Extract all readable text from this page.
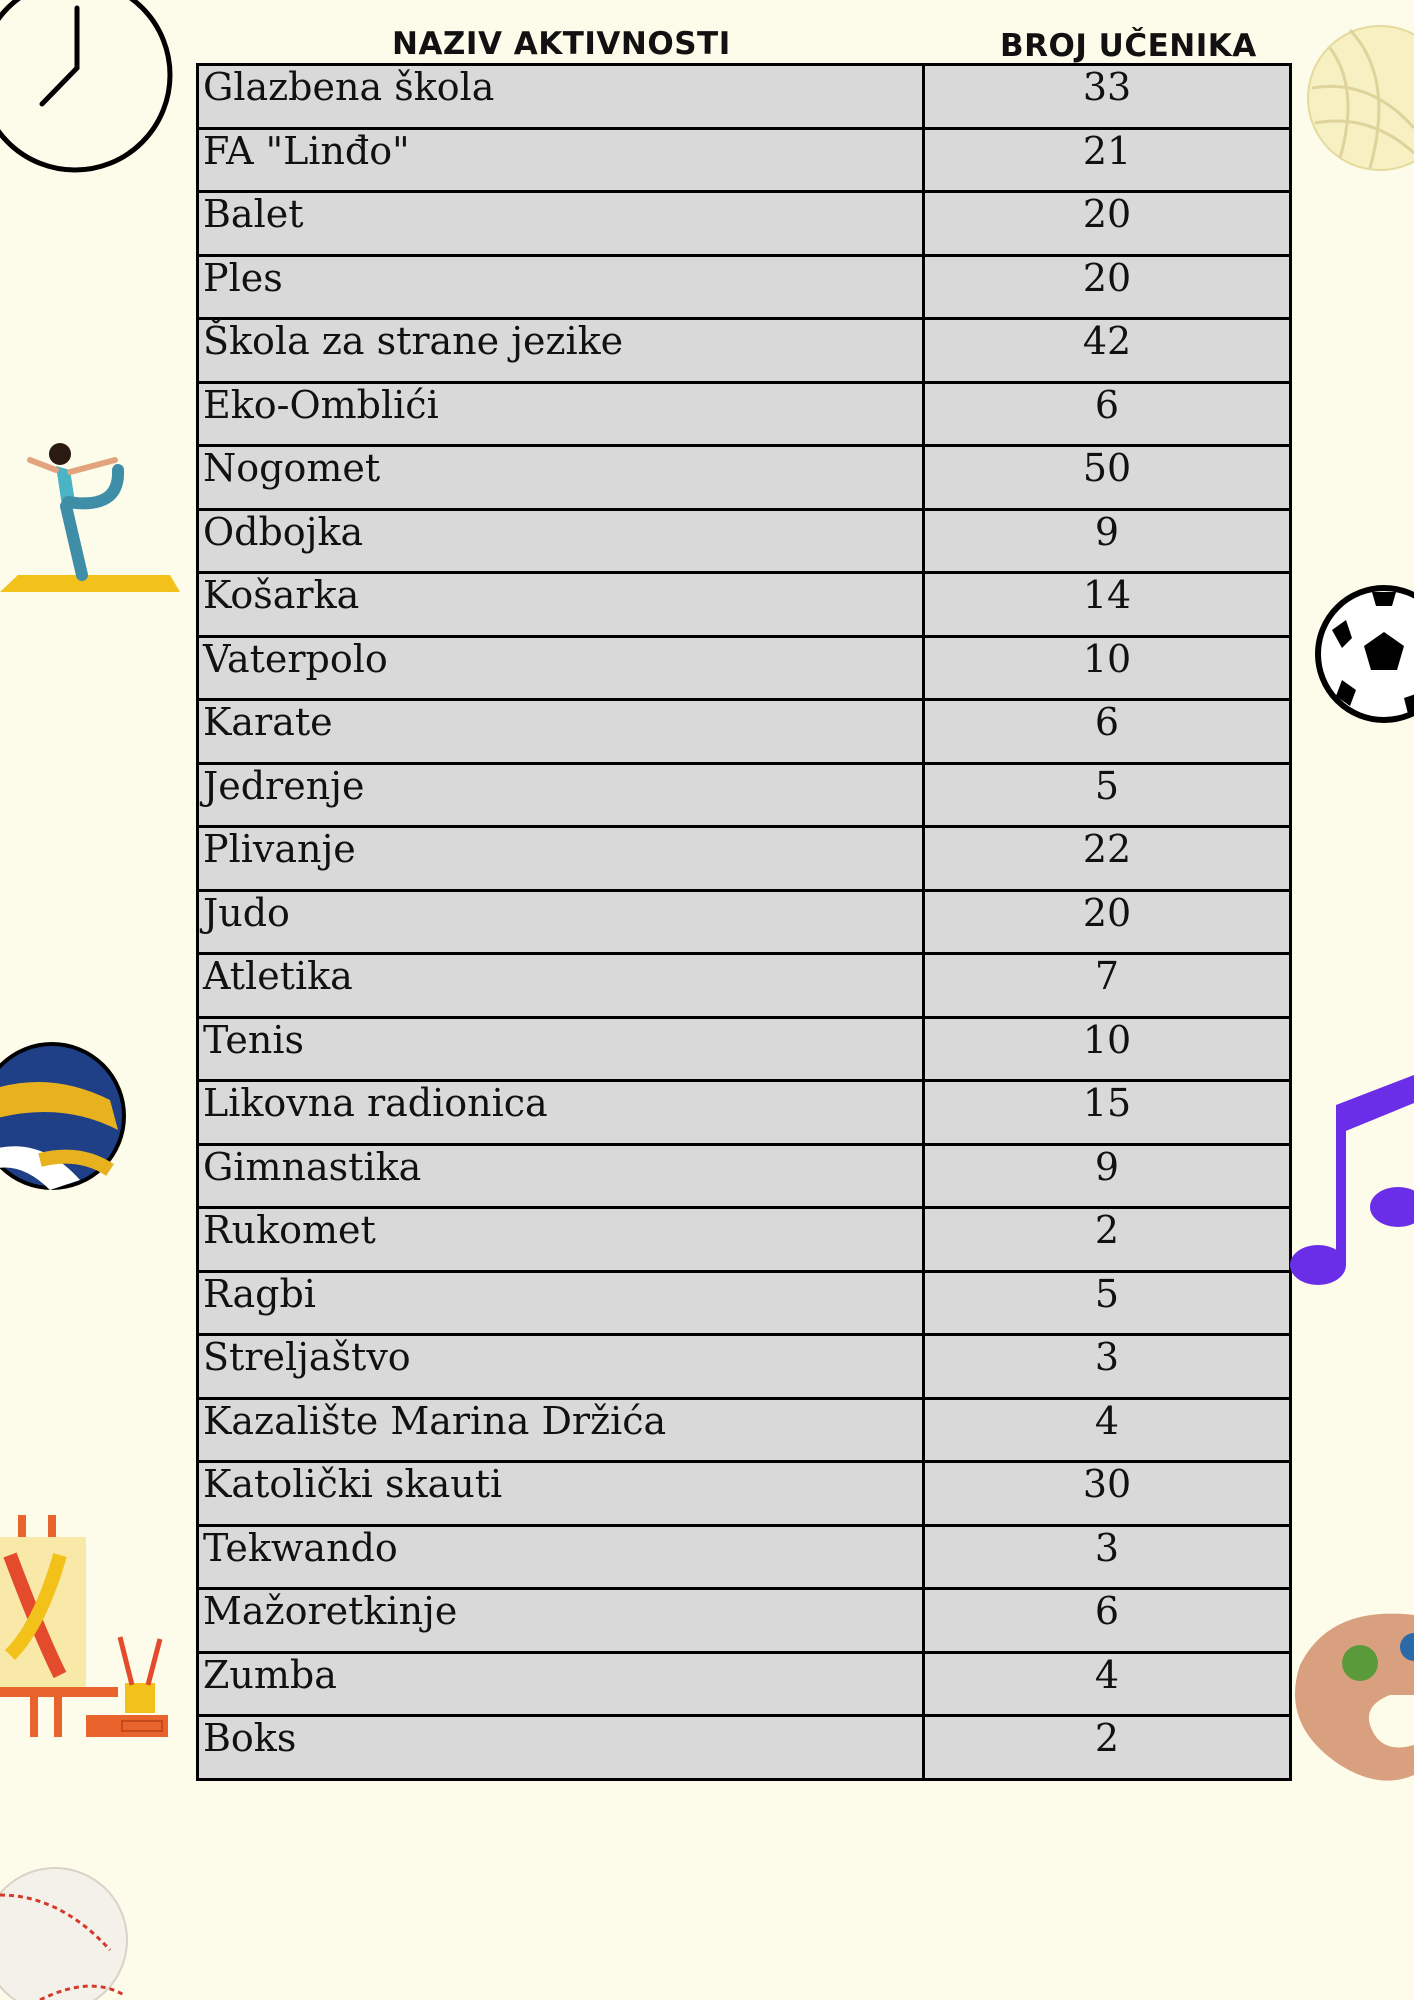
NAZIV AKTIVNOSTI	BROJ UČENIKA
Glazbena škola	33
FA "Linđo"	21
Balet	20
Ples	20
Škola za strane jezike	42
Eko-Omblići	6
Nogomet	50
Odbojka	9
Košarka	14
Vaterpolo	10
Karate	6
Jedrenje	5
Plivanje	22
Judo	20
Atletika	7
Tenis	10
Likovna radionica	15
Gimnastika	9
Rukomet	2
Ragbi	5
Streljaštvo	3
Kazalište Marina Držića	4
Katolički skauti	30
Tekwando	3
Mažoretkinje	6
Zumba	4
Boks	2
